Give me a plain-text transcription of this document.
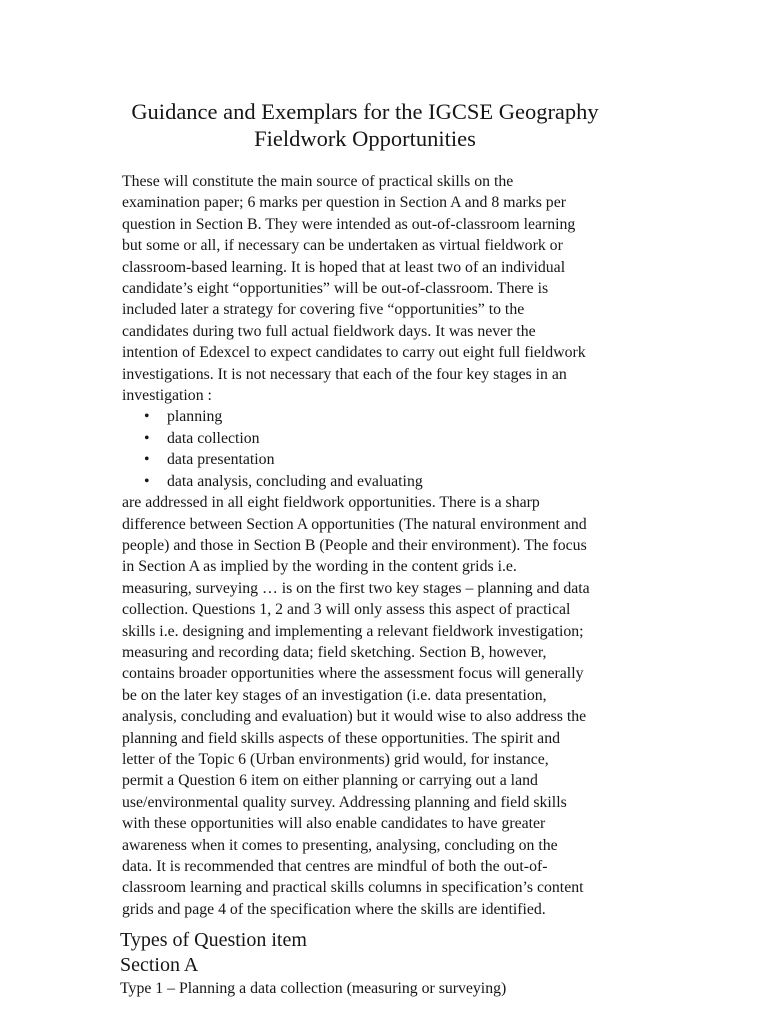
Guidance and Exemplars for the IGCSE Geography
Fieldwork Opportunities

These will constitute the main source of practical skills on the
examination paper; 6 marks per question in Section A and 8 marks per
question in Section B. They were intended as out-of-classroom learning
but some or all, if necessary can be undertaken as virtual fieldwork or
classroom-based learning. It is hoped that at least two of an individual
candidate’s eight “opportunities” will be out-of-classroom. There is
included later a strategy for covering five “opportunities” to the
candidates during two full actual fieldwork days. It was never the
intention of Edexcel to expect candidates to carry out eight full fieldwork
investigations. It is not necessary that each of the four key stages in an
investigation :

• planning
• data collection
• data presentation
• data analysis, concluding and evaluating

are addressed in all eight fieldwork opportunities. There is a sharp
difference between Section A opportunities (The natural environment and
people) and those in Section B (People and their environment). The focus
in Section A as implied by the wording in the content grids i.e.
measuring, surveying … is on the first two key stages – planning and data
collection. Questions 1, 2 and 3 will only assess this aspect of practical
skills i.e. designing and implementing a relevant fieldwork investigation;
measuring and recording data; field sketching. Section B, however,
contains broader opportunities where the assessment focus will generally
be on the later key stages of an investigation (i.e. data presentation,
analysis, concluding and evaluation) but it would wise to also address the
planning and field skills aspects of these opportunities. The spirit and
letter of the Topic 6 (Urban environments) grid would, for instance,
permit a Question 6 item on either planning or carrying out a land
use/environmental quality survey. Addressing planning and field skills
with these opportunities will also enable candidates to have greater
awareness when it comes to presenting, analysing, concluding on the
data. It is recommended that centres are mindful of both the out-of-
classroom learning and practical skills columns in specification’s content
grids and page 4 of the specification where the skills are identified.

Types of Question item
Section A

Type 1 – Planning a data collection (measuring or surveying)
